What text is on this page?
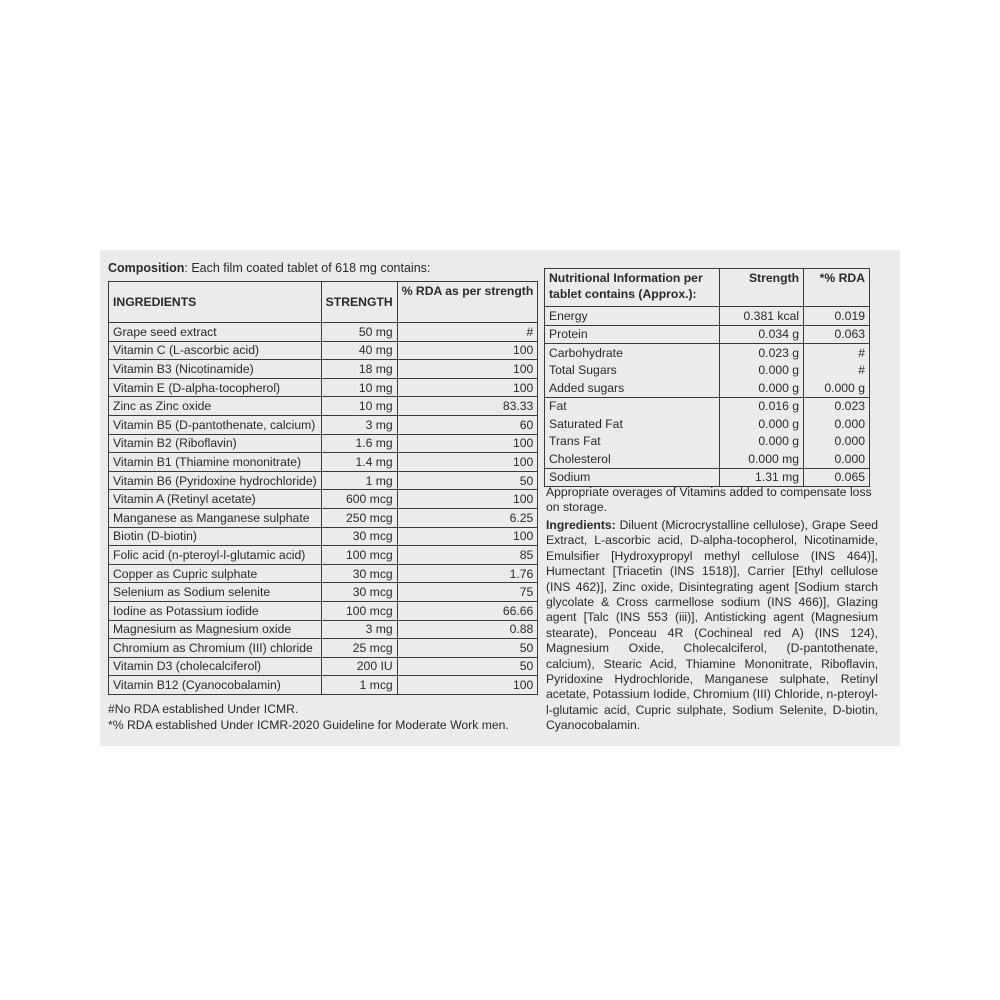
Composition: Each film coated tablet of 618 mg contains:
INGREDIENTS	STRENGTH	% RDA as per strength
Grape seed extract	50 mg	#
Vitamin C (L-ascorbic acid)	40 mg	100
Vitamin B3 (Nicotinamide)	18 mg	100
Vitamin E (D-alpha-tocopherol)	10 mg	100
Zinc as Zinc oxide	10 mg	83.33
Vitamin B5 (D-pantothenate, calcium)	3 mg	60
Vitamin B2 (Riboflavin)	1.6 mg	100
Vitamin B1 (Thiamine mononitrate)	1.4 mg	100
Vitamin B6 (Pyridoxine hydrochloride)	1 mg	50
Vitamin A (Retinyl acetate)	600 mcg	100
Manganese as Manganese sulphate	250 mcg	6.25
Biotin (D-biotin)	30 mcg	100
Folic acid (n-pteroyl-l-glutamic acid)	100 mcg	85
Copper as Cupric sulphate	30 mcg	1.76
Selenium as Sodium selenite	30 mcg	75
Iodine as Potassium iodide	100 mcg	66.66
Magnesium as Magnesium oxide	3 mg	0.88
Chromium as Chromium (III) chloride	25 mcg	50
Vitamin D3 (cholecalciferol)	200 IU	50
Vitamin B12 (Cyanocobalamin)	1 mcg	100
#No RDA established Under ICMR.
*% RDA established Under ICMR-2020 Guideline for Moderate Work men.
Nutritional Information per tablet contains (Approx.):	Strength	*% RDA
Energy	0.381 kcal	0.019
Protein	0.034 g	0.063
Carbohydrate	0.023 g	#
Total Sugars	0.000 g	#
Added sugars	0.000 g	0.000 g
Fat	0.016 g	0.023
Saturated Fat	0.000 g	0.000
Trans Fat	0.000 g	0.000
Cholesterol	0.000 mg	0.000
Sodium	1.31 mg	0.065
Appropriate overages of Vitamins added to compensate loss on storage.
Ingredients: Diluent (Microcrystalline cellulose), Grape Seed Extract, L-ascorbic acid, D-alpha-tocopherol, Nicotinamide, Emulsifier [Hydroxypropyl methyl cellulose (INS 464)], Humectant [Triacetin (INS 1518)], Carrier [Ethyl cellulose (INS 462)], Zinc oxide, Disintegrating agent [Sodium starch glycolate & Cross carmellose sodium (INS 466)], Glazing agent [Talc (INS 553 (iii)], Antisticking agent (Magnesium stearate), Ponceau 4R (Cochineal red A) (INS 124), Magnesium Oxide, Cholecalciferol, (D-pantothenate, calcium), Stearic Acid, Thiamine Mononitrate, Riboflavin, Pyridoxine Hydrochloride, Manganese sulphate, Retinyl acetate, Potassium Iodide, Chromium (III) Chloride, n-pteroyl-l-glutamic acid, Cupric sulphate, Sodium Selenite, D-biotin, Cyanocobalamin.
